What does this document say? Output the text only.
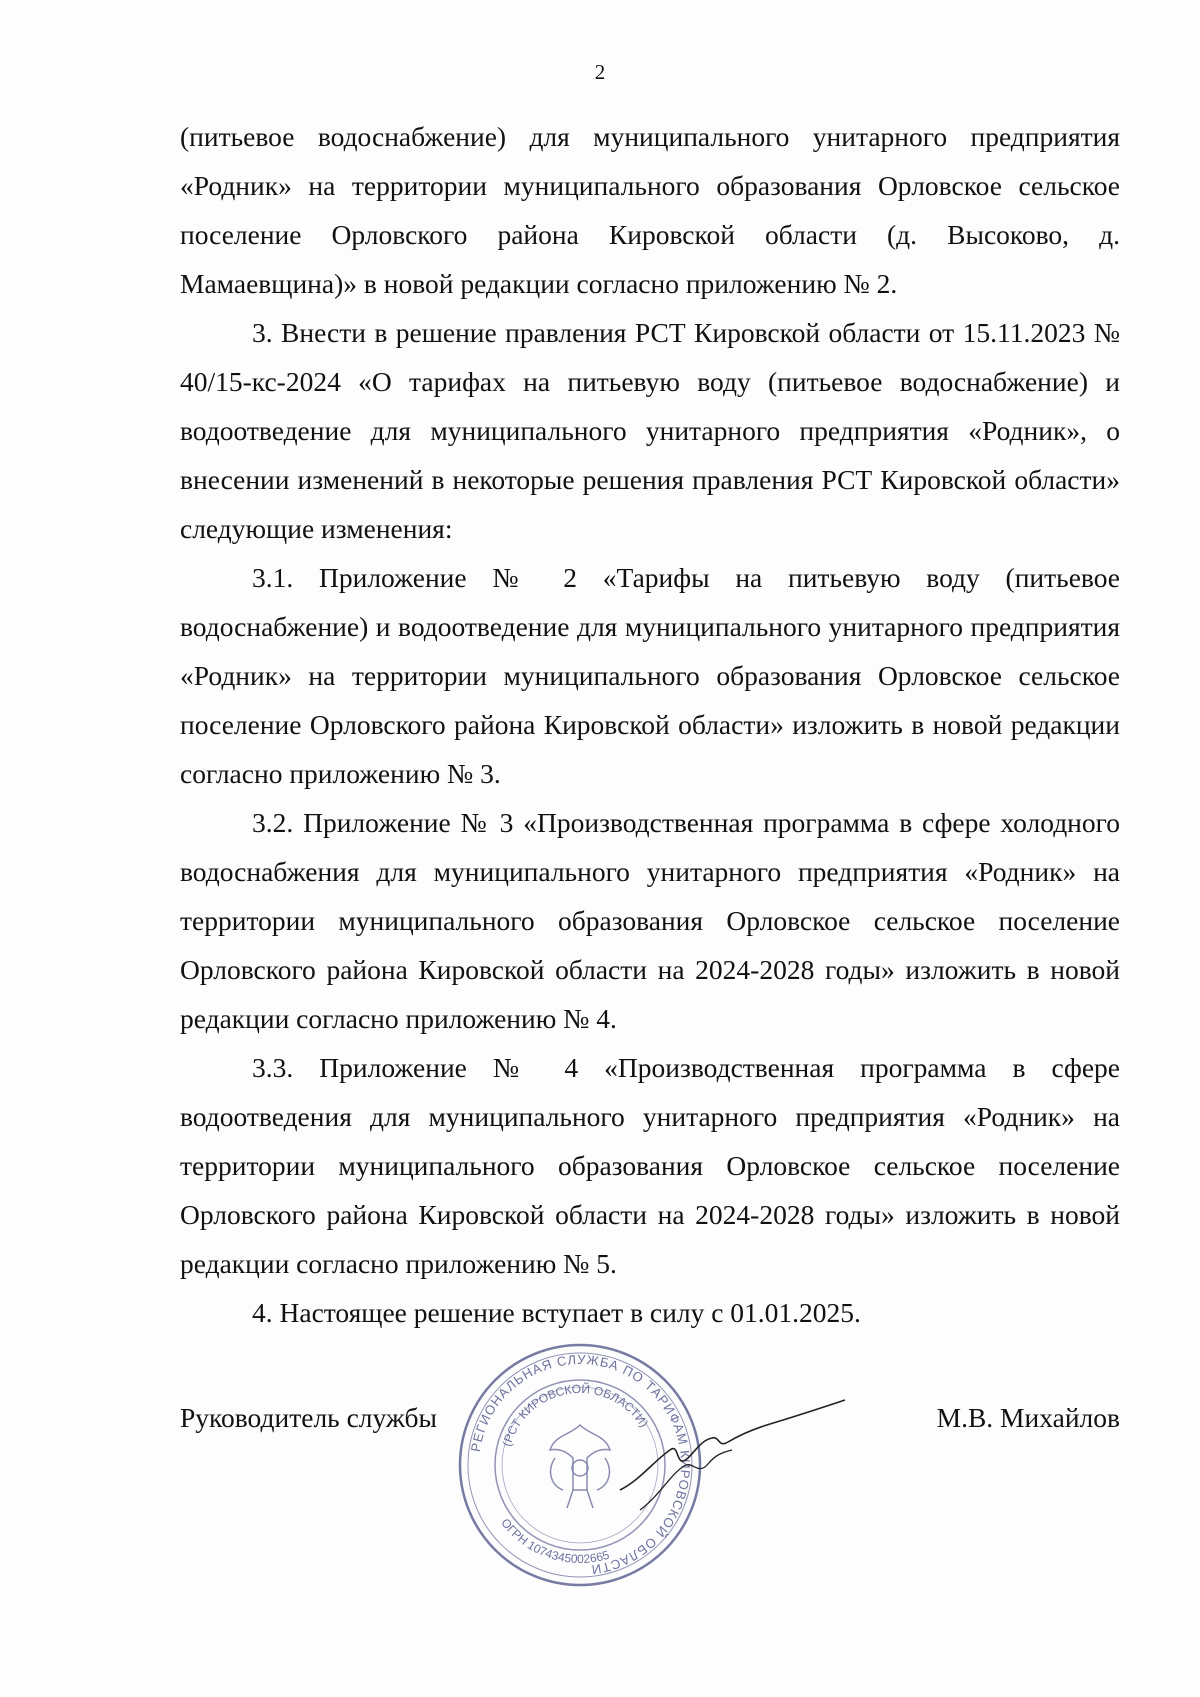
2

(питьевое водоснабжение) для муниципального унитарного предприятия «Родник» на территории муниципального образования Орловское сельское поселение Орловского района Кировской области (д. Высоково, д. Мамаевщина)» в новой редакции согласно приложению № 2.

3. Внести в решение правления РСТ Кировской области от 15.11.2023 № 40/15-кс-2024 «О тарифах на питьевую воду (питьевое водоснабжение) и водоотведение для муниципального унитарного предприятия «Родник», о внесении изменений в некоторые решения правления РСТ Кировской области» следующие изменения:

3.1. Приложение № 2 «Тарифы на питьевую воду (питьевое водоснабжение) и водоотведение для муниципального унитарного предприятия «Родник» на территории муниципального образования Орловское сельское поселение Орловского района Кировской области» изложить в новой редакции согласно приложению № 3.

3.2. Приложение № 3 «Производственная программа в сфере холодного водоснабжения для муниципального унитарного предприятия «Родник» на территории муниципального образования Орловское сельское поселение Орловского района Кировской области на 2024-2028 годы» изложить в новой редакции согласно приложению № 4.

3.3. Приложение № 4 «Производственная программа в сфере водоотведения для муниципального унитарного предприятия «Родник» на территории муниципального образования Орловское сельское поселение Орловского района Кировской области на 2024-2028 годы» изложить в новой редакции согласно приложению № 5.

4. Настоящее решение вступает в силу с 01.01.2025.

РЕГИОНАЛЬНАЯ СЛУЖБА ПО ТАРИФАМ КИРОВСКОЙ ОБЛАСТИ
(РСТ КИРОВСКОЙ ОБЛАСТИ)
ОГРН 1074345002665
Руководитель службы	М.В. Михайлов
